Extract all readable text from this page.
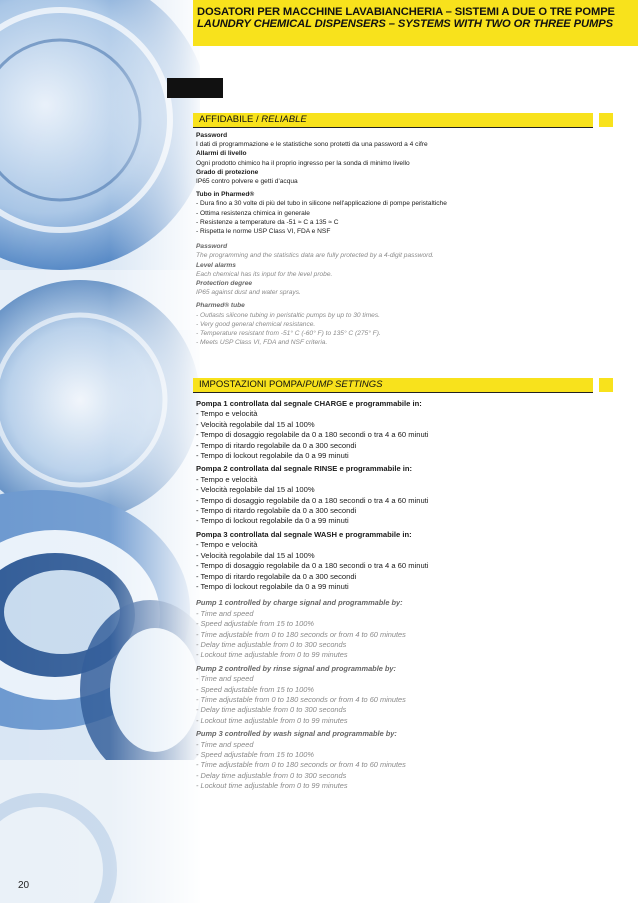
DOSATORI PER MACCHINE LAVABIANCHERIA – SISTEMI A DUE O TRE POMPE
LAUNDRY CHEMICAL DISPENSERS – SYSTEMS WITH TWO OR THREE PUMPS
AFFIDABILE / RELIABLE
Password
I dati di programmazione e le statistiche sono protetti da una password a 4 cifre
Allarmi di livello
Ogni prodotto chimico ha il proprio ingresso per la sonda di minimo livello
Grado di protezione
IP65 contro polvere e getti d'acqua
Tubo in Pharmed®
- Dura fino a 30 volte di più del tubo in silicone nell'applicazione di pompe peristaltiche
- Ottima resistenza chimica in generale
- Resistenze a temperature da -51 ≈ C a 135 ≈ C
- Rispetta le norme USP Class VI, FDA e NSF
Password
The programming and the statistics data are fully protected by a 4-digit password.
Level alarms
Each chemical has its input for the level probe.
Protection degree
IP65 against dust and water sprays.
Pharmed® tube
- Outlasts silicone tubing in peristaltic pumps by up to 30 times.
- Very good general chemical resistance.
- Temperature resistant from -51° C (-60° F) to 135° C (275° F).
- Meets USP Class VI, FDA and NSF criteria.
IMPOSTAZIONI POMPA/PUMP SETTINGS
Pompa 1 controllata dal segnale CHARGE e programmabile in:
- Tempo e velocità
- Velocità regolabile dal 15 al 100%
- Tempo di dosaggio regolabile da 0 a 180 secondi o tra 4 a 60 minuti
- Tempo di ritardo regolabile da 0 a 300 secondi
- Tempo di lockout regolabile da 0 a 99 minuti
Pompa 2 controllata dal segnale RINSE e programmabile in:
- Tempo e velocità
- Velocità regolabile dal 15 al 100%
- Tempo di dosaggio regolabile da 0 a 180 secondi o tra 4 a 60 minuti
- Tempo di ritardo regolabile da 0 a 300 secondi
- Tempo di lockout regolabile da 0 a 99 minuti
Pompa 3 controllata dal segnale WASH e programmabile in:
- Tempo e velocità
- Velocità regolabile dal 15 al 100%
- Tempo di dosaggio regolabile da 0 a 180 secondi o tra 4 a 60 minuti
- Tempo di ritardo regolabile da 0 a 300 secondi
- Tempo di lockout regolabile da 0 a 99 minuti
Pump 1 controlled by charge signal and programmable by:
- Time and speed
- Speed adjustable from 15 to 100%
- Time adjustable from 0 to 180 seconds or from 4 to 60 minutes
- Delay time adjustable from 0 to 300 seconds
- Lockout time adjustable from 0 to 99 minutes
Pump 2 controlled by rinse signal and programmable by:
- Time and speed
- Speed adjustable from 15 to 100%
- Time adjustable from 0 to 180 seconds or from 4 to 60 minutes
- Delay time adjustable from 0 to 300 seconds
- Lockout time adjustable from 0 to 99 minutes
Pump 3 controlled by wash signal and programmable by:
- Time and speed
- Speed adjustable from 15 to 100%
- Time adjustable from 0 to 180 seconds or from 4 to 60 minutes
- Delay time adjustable from 0 to 300 seconds
- Lockout time adjustable from 0 to 99 minutes
20
